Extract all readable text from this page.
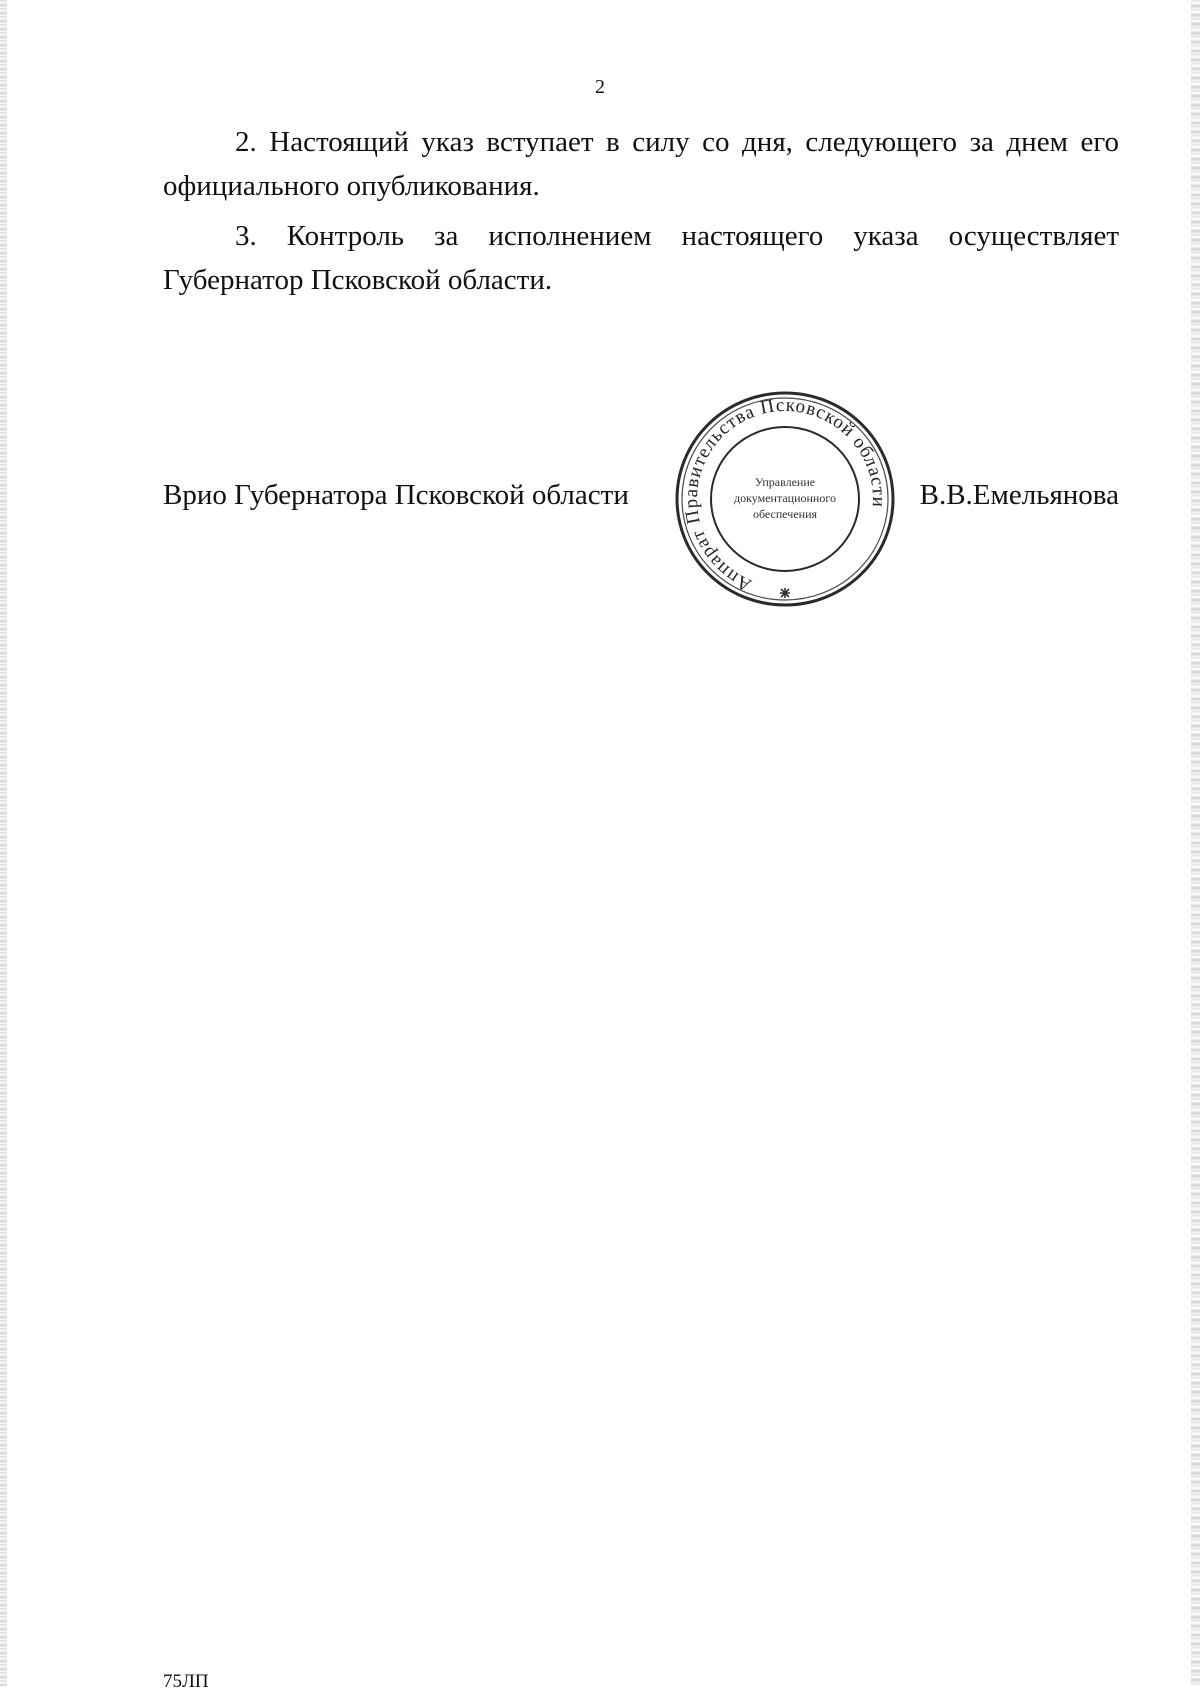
2
2. Настоящий указ вступает в силу со дня, следующего за днем его официального опубликования.
3. Контроль за исполнением настоящего указа осуществляет Губернатор Псковской области.
Врио Губернатора Псковской области
Аппарат Правительства Псковской области
Управление
документационного
обеспечения
В.В.Емельянова
75ЛП
